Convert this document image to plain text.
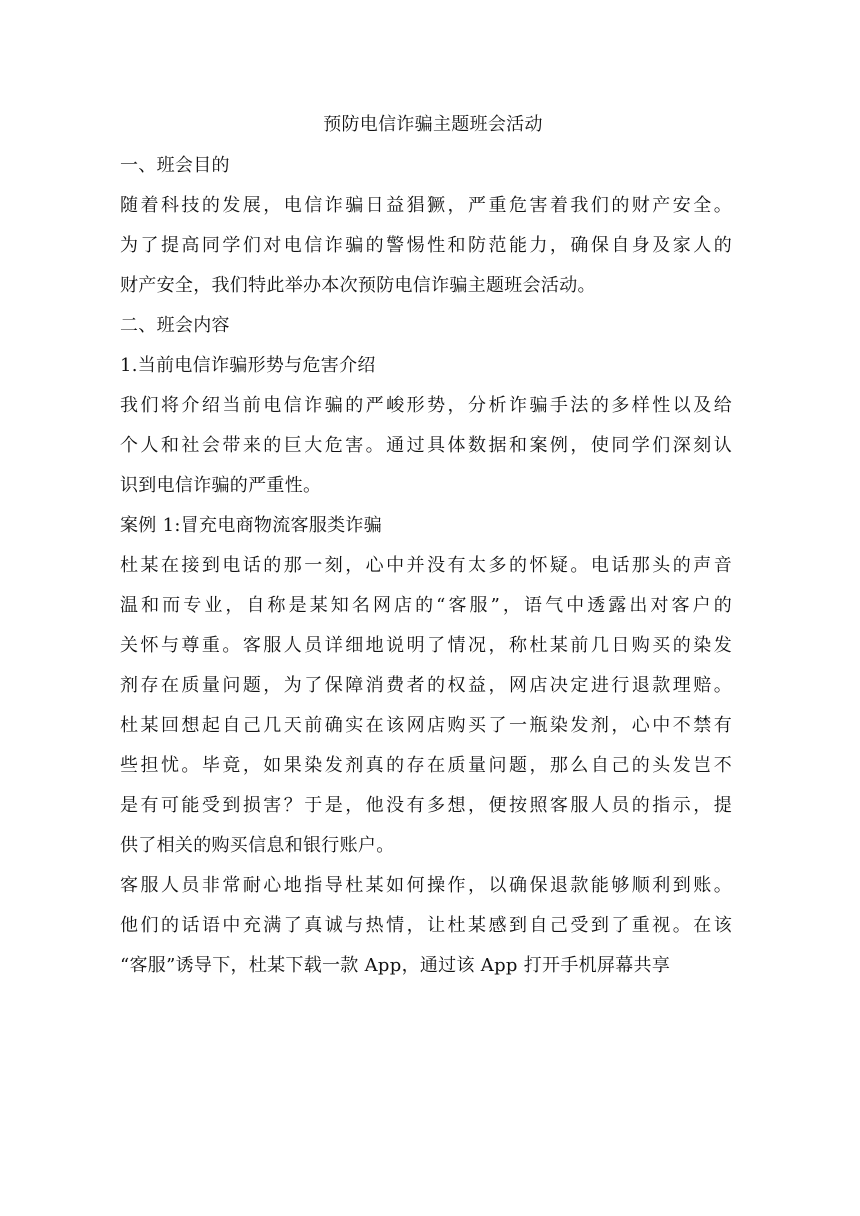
预防电信诈骗主题班会活动
一、班会目的
随着科技的发展，电信诈骗日益猖獗，严重危害着我们的财产安全。
为了提高同学们对电信诈骗的警惕性和防范能力，确保自身及家人的
财产安全，我们特此举办本次预防电信诈骗主题班会活动。
二、班会内容
1.当前电信诈骗形势与危害介绍
我们将介绍当前电信诈骗的严峻形势，分析诈骗手法的多样性以及给
个人和社会带来的巨大危害。通过具体数据和案例，使同学们深刻认
识到电信诈骗的严重性。
案例 1:冒充电商物流客服类诈骗
杜某在接到电话的那一刻，心中并没有太多的怀疑。电话那头的声音
温和而专业，自称是某知名网店的“客服”，语气中透露出对客户的
关怀与尊重。客服人员详细地说明了情况，称杜某前几日购买的染发
剂存在质量问题，为了保障消费者的权益，网店决定进行退款理赔。
杜某回想起自己几天前确实在该网店购买了一瓶染发剂，心中不禁有
些担忧。毕竟，如果染发剂真的存在质量问题，那么自己的头发岂不
是有可能受到损害？于是，他没有多想，便按照客服人员的指示，提
供了相关的购买信息和银行账户。
客服人员非常耐心地指导杜某如何操作，以确保退款能够顺利到账。
他们的话语中充满了真诚与热情，让杜某感到自己受到了重视。在该
“客服”诱导下，杜某下载一款 App，通过该 App 打开手机屏幕共享
